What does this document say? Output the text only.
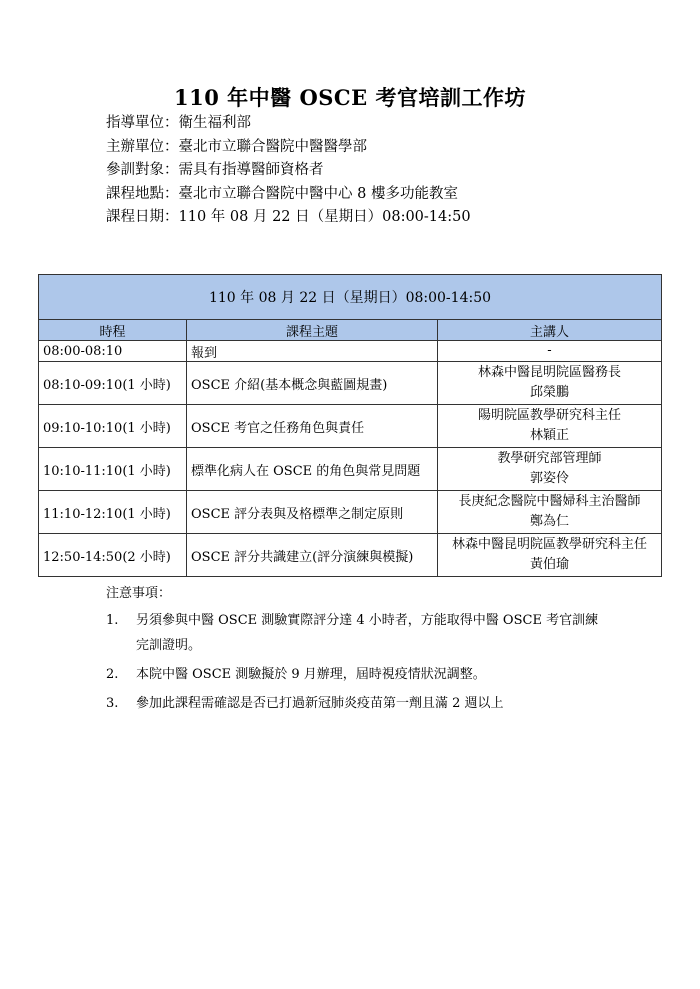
110 年中醫 OSCE 考官培訓工作坊
指導單位：衛生福利部
主辦單位：臺北市立聯合醫院中醫醫學部
參訓對象：需具有指導醫師資格者
課程地點：臺北市立聯合醫院中醫中心 8 樓多功能教室
課程日期：110 年 08 月 22 日（星期日）08:00-14:50
110 年 08 月 22 日（星期日）08:00-14:50		
時程	課程主題	主講人
08:00-08:10	報到	-

08:10-09:10(1 小時)	OSCE 介紹(基本概念與藍圖規畫)	林森中醫昆明院區醫務長
邱榮鵬

09:10-10:10(1 小時)	OSCE 考官之任務角色與責任	陽明院區教學研究科主任
林穎正

10:10-11:10(1 小時)	標準化病人在 OSCE 的角色與常見問題	教學研究部管理師
郭姿伶

11:10-12:10(1 小時)	OSCE 評分表與及格標準之制定原則	長庚紀念醫院中醫婦科主治醫師
鄭為仁

12:50-14:50(2 小時)	OSCE 評分共識建立(評分演練與模擬)	林森中醫昆明院區教學研究科主任
黃伯瑜
注意事項：
1. 另須參與中醫 OSCE 測驗實際評分達 4 小時者，方能取得中醫 OSCE 考官訓練
完訓證明。
2. 本院中醫 OSCE 測驗擬於 9 月辦理，屆時視疫情狀況調整。
3. 參加此課程需確認是否已打過新冠肺炎疫苗第一劑且滿 2 週以上
